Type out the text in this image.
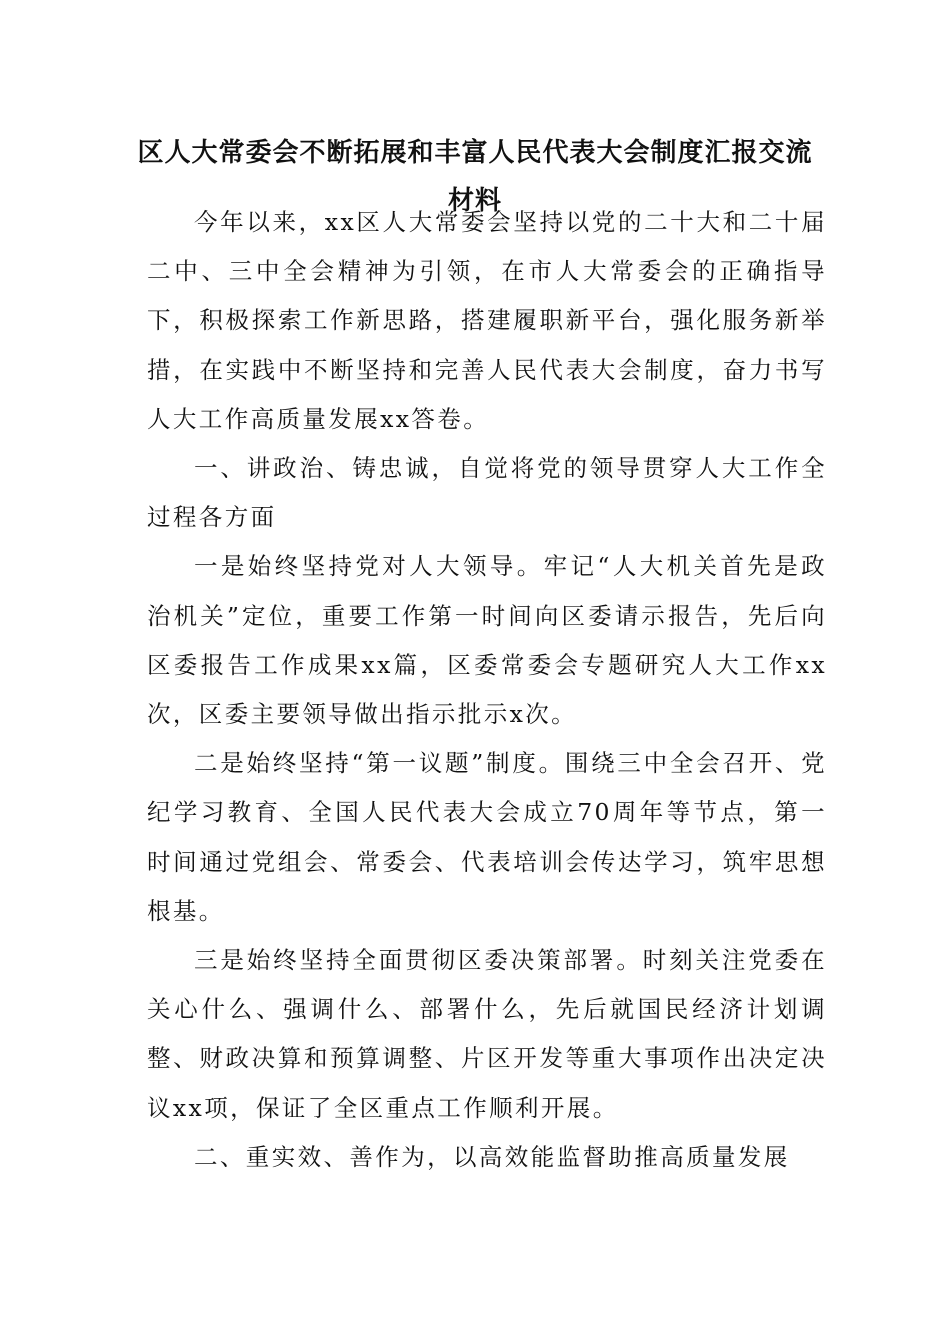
区人大常委会不断拓展和丰富人民代表大会制度汇报交流
材料

今年以来，xx区人大常委会坚持以党的二十大和二十届二中、三中全会精神为引领，在市人大常委会的正确指导下，积极探索工作新思路，搭建履职新平台，强化服务新举措，在实践中不断坚持和完善人民代表大会制度，奋力书写人大工作高质量发展xx答卷。

一、讲政治、铸忠诚，自觉将党的领导贯穿人大工作全过程各方面

一是始终坚持党对人大领导。牢记“人大机关首先是政治机关”定位，重要工作第一时间向区委请示报告，先后向区委报告工作成果xx篇，区委常委会专题研究人大工作xx次，区委主要领导做出指示批示x次。

二是始终坚持“第一议题”制度。围绕三中全会召开、党纪学习教育、全国人民代表大会成立70周年等节点，第一时间通过党组会、常委会、代表培训会传达学习，筑牢思想根基。

三是始终坚持全面贯彻区委决策部署。时刻关注党委在关心什么、强调什么、部署什么，先后就国民经济计划调整、财政决算和预算调整、片区开发等重大事项作出决定决议xx项，保证了全区重点工作顺利开展。

二、重实效、善作为，以高效能监督助推高质量发展
